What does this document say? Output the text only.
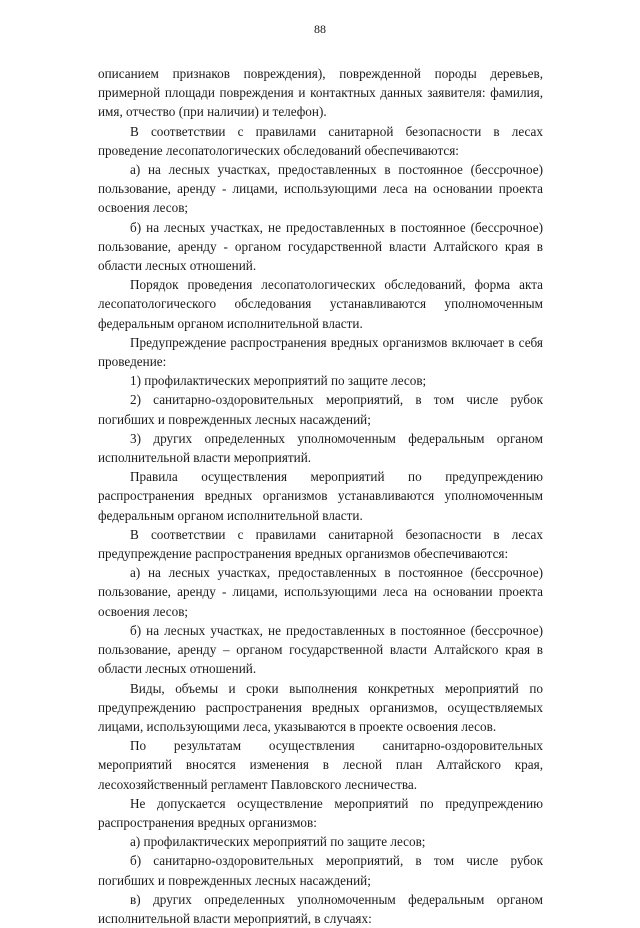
88

описанием признаков повреждения), поврежденной породы деревьев, примерной площади повреждения и контактных данных заявителя: фамилия, имя, отчество (при наличии) и телефон).

В соответствии с правилами санитарной безопасности в лесах проведение лесопатологических обследований обеспечиваются:

а) на лесных участках, предоставленных в постоянное (бессрочное) пользование, аренду - лицами, использующими леса на основании проекта освоения лесов;

б) на лесных участках, не предоставленных в постоянное (бессрочное) пользование, аренду - органом государственной власти Алтайского края в области лесных отношений.

Порядок проведения лесопатологических обследований, форма акта лесопатологического обследования устанавливаются уполномоченным федеральным органом исполнительной власти.

Предупреждение распространения вредных организмов включает в себя проведение:

1) профилактических мероприятий по защите лесов;

2) санитарно-оздоровительных мероприятий, в том числе рубок погибших и поврежденных лесных насаждений;

3) других определенных уполномоченным федеральным органом исполнительной власти мероприятий.

Правила осуществления мероприятий по предупреждению распространения вредных организмов устанавливаются уполномоченным федеральным органом исполнительной власти.

В соответствии с правилами санитарной безопасности в лесах предупреждение распространения вредных организмов обеспечиваются:

а) на лесных участках, предоставленных в постоянное (бессрочное) пользование, аренду - лицами, использующими леса на основании проекта освоения лесов;

б) на лесных участках, не предоставленных в постоянное (бессрочное) пользование, аренду – органом государственной власти Алтайского края в области лесных отношений.

Виды, объемы и сроки выполнения конкретных мероприятий по предупреждению распространения вредных организмов, осуществляемых лицами, использующими леса, указываются в проекте освоения лесов.

По результатам осуществления санитарно-оздоровительных мероприятий вносятся изменения в лесной план Алтайского края, лесохозяйственный регламент Павловского лесничества.

Не допускается осуществление мероприятий по предупреждению распространения вредных организмов:

а) профилактических мероприятий по защите лесов;

б) санитарно-оздоровительных мероприятий, в том числе рубок погибших и поврежденных лесных насаждений;

в) других определенных уполномоченным федеральным органом исполнительной власти мероприятий, в случаях:
